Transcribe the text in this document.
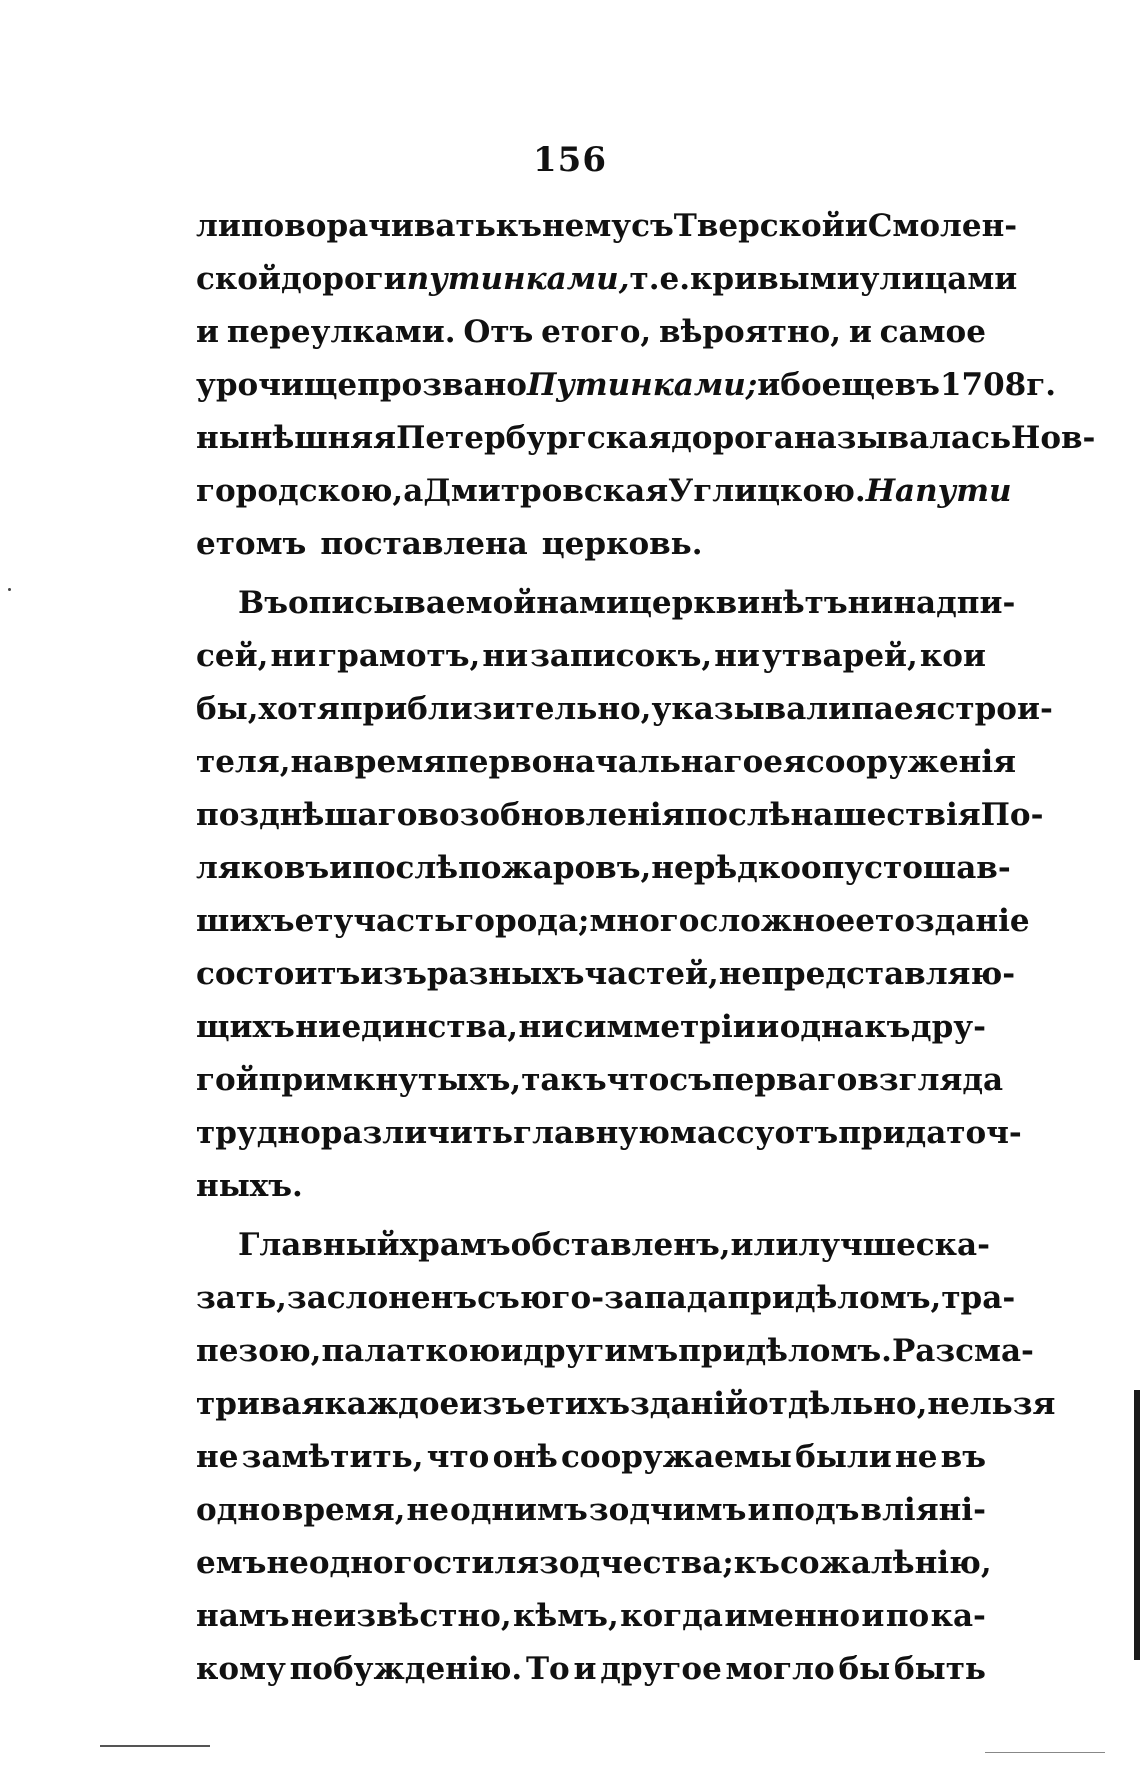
156
ли поворачивать къ нему съ Тверской и Смолен-
ской дороги путинками, т. е. кривыми улицами
и переулками. Отъ етого, вѣроятно, и самое
урочище прозвано Путинками; ибо еще въ 1708 г.
нынѣшняя Петербургская дорога называлась Нов-
городскою, а Дмитровская Углицкою. На пути
етомъ поставлена церковь.
Въ описываемой нами церкви нѣтъ ни надпи-
сей, ни грамотъ, ни записокъ, ни утварей, кои
бы, хотя приблизительно, указывали па ея строи-
теля, на время первоначальнаго ея сооруженія
позднѣшаго возобновленія послѣ нашествія По-
ляковъ и послѣ пожаровъ, нерѣдко опустошав-
шихъ ету часть города; многосложное ето зданіе
состоитъ изъ разныхъ частей, не представляю-
щихъ ни единства, ни симметріи и одна къ дру-
гой примкнутыхъ, такъ что съ перваго взгляда
трудно различить главную массу отъ придаточ-
ныхъ.
Главный храмъ обставленъ, или лучше ска-
зать, заслоненъ съ юго-запада придѣломъ, тра-
пезою, палаткою и другимъ придѣломъ. Разсма-
тривая каждое изъ етихъ зданій отдѣльно, нельзя
не замѣтить, что онѣ сооружаемы были не въ
одно время, не однимъ зодчимъ и подъ вліяні-
емъ не одного стиля зодчества; къ сожалѣнію,
намъ неизвѣстно, кѣмъ, когда именно и по ка-
кому побужденію. То и другое могло бы быть
